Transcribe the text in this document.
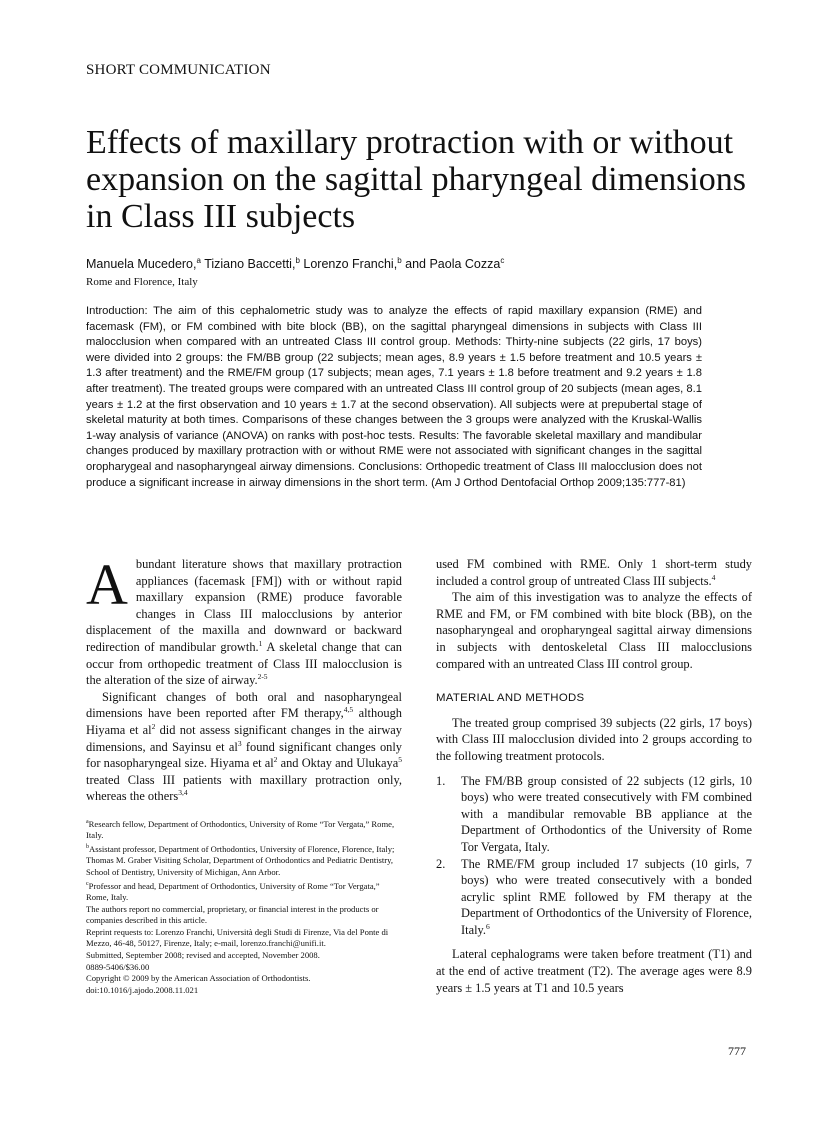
SHORT COMMUNICATION
Effects of maxillary protraction with or without expansion on the sagittal pharyngeal dimensions in Class III subjects
Manuela Mucedero,$^a$ Tiziano Baccetti,$^b$ Lorenzo Franchi,$^b$ and Paola Cozza$^c$
Rome and Florence, Italy

Introduction: The aim of this cephalometric study was to analyze the effects of rapid maxillary expansion (RME) and facemask (FM), or FM combined with bite block (BB), on the sagittal pharyngeal dimensions in subjects with Class III malocclusion when compared with an untreated Class III control group. Methods: Thirty-nine subjects (22 girls, 17 boys) were divided into 2 groups: the FM/BB group (22 subjects; mean ages, 8.9 years ± 1.5 before treatment and 10.5 years ± 1.3 after treatment) and the RME/FM group (17 subjects; mean ages, 7.1 years ± 1.8 before treatment and 9.2 years ± 1.8 after treatment). The treated groups were compared with an untreated Class III control group of 20 subjects (mean ages, 8.1 years ± 1.2 at the first observation and 10 years ± 1.7 at the second observation). All subjects were at prepubertal stage of skeletal maturity at both times. Comparisons of these changes between the 3 groups were analyzed with the Kruskal-Wallis 1-way analysis of variance (ANOVA) on ranks with post-hoc tests. Results: The favorable skeletal maxillary and mandibular changes produced by maxillary protraction with or without RME were not associated with significant changes in the sagittal oropharygeal and nasopharyngeal airway dimensions. Conclusions: Orthopedic treatment of Class III malocclusion does not produce a significant increase in airway dimensions in the short term. (Am J Orthod Dentofacial Orthop 2009;135:777-81)

Abundant literature shows that maxillary protraction appliances (facemask [FM]) with or without rapid maxillary expansion (RME) produce favorable changes in Class III malocclusions by anterior displacement of the maxilla and downward or backward redirection of mandibular growth.$^1$ A skeletal change that can occur from orthopedic treatment of Class III malocclusion is the alteration of the size of airway.$^{2-5}$

Significant changes of both oral and nasopharyngeal dimensions have been reported after FM therapy,$^{4,5}$ although Hiyama et al$^2$ did not assess significant changes in the airway dimensions, and Sayinsu et al$^3$ found significant changes only for nasopharyngeal size. Hiyama et al$^2$ and Oktay and Ulukaya$^5$ treated Class III patients with maxillary protraction only, whereas the others$^{3,4}$

$^a$Research fellow, Department of Orthodontics, University of Rome “Tor Vergata,” Rome, Italy.

$^b$Assistant professor, Department of Orthodontics, University of Florence, Florence, Italy; Thomas M. Graber Visiting Scholar, Department of Orthodontics and Pediatric Dentistry, School of Dentistry, University of Michigan, Ann Arbor.

$^c$Professor and head, Department of Orthodontics, University of Rome “Tor Vergata,” Rome, Italy.

The authors report no commercial, proprietary, or financial interest in the products or companies described in this article.

Reprint requests to: Lorenzo Franchi, Università degli Studi di Firenze, Via del Ponte di Mezzo, 46-48, 50127, Firenze, Italy; e-mail, lorenzo.franchi@unifi.it.

Submitted, September 2008; revised and accepted, November 2008.

0889-5406/$36.00

Copyright © 2009 by the American Association of Orthodontists.

doi:10.1016/j.ajodo.2008.11.021

used FM combined with RME. Only 1 short-term study included a control group of untreated Class III subjects.$^4$

The aim of this investigation was to analyze the effects of RME and FM, or FM combined with bite block (BB), on the nasopharyngeal and oropharyngeal sagittal airway dimensions in subjects with dentoskeletal Class III malocclusions compared with an untreated Class III control group.

MATERIAL AND METHODS

The treated group comprised 39 subjects (22 girls, 17 boys) with Class III malocclusion divided into 2 groups according to the following treatment protocols.

1.	The FM/BB group consisted of 22 subjects (12 girls, 10 boys) who were treated consecutively with FM combined with a mandibular removable BB appliance at the Department of Orthodontics of the University of Rome Tor Vergata, Italy.
2.	The RME/FM group included 17 subjects (10 girls, 7 boys) who were treated consecutively with a bonded acrylic splint RME followed by FM therapy at the Department of Orthodontics of the University of Florence, Italy.$^6$

Lateral cephalograms were taken before treatment (T1) and at the end of active treatment (T2). The average ages were 8.9 years ± 1.5 years at T1 and 10.5 years

777
